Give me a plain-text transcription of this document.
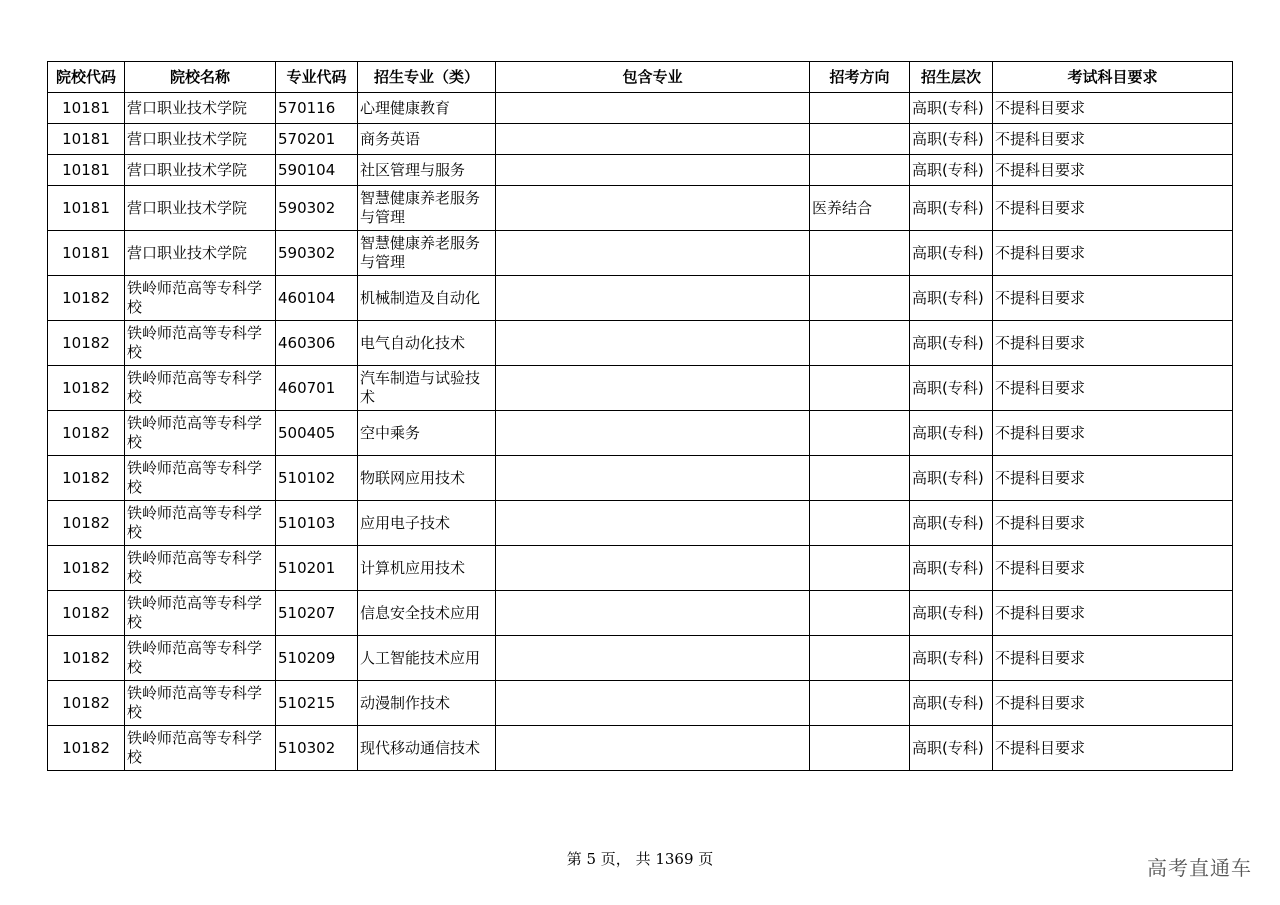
院校代码	院校名称	专业代码	招生专业（类）	包含专业	招考方向	招生层次	考试科目要求
10181	营口职业技术学院	570116	心理健康教育			高职(专科)	不提科目要求
10181	营口职业技术学院	570201	商务英语			高职(专科)	不提科目要求
10181	营口职业技术学院	590104	社区管理与服务			高职(专科)	不提科目要求
10181	营口职业技术学院	590302	智慧健康养老服务与管理		医养结合	高职(专科)	不提科目要求
10181	营口职业技术学院	590302	智慧健康养老服务与管理			高职(专科)	不提科目要求
10182	铁岭师范高等专科学校	460104	机械制造及自动化			高职(专科)	不提科目要求
10182	铁岭师范高等专科学校	460306	电气自动化技术			高职(专科)	不提科目要求
10182	铁岭师范高等专科学校	460701	汽车制造与试验技术			高职(专科)	不提科目要求
10182	铁岭师范高等专科学校	500405	空中乘务			高职(专科)	不提科目要求
10182	铁岭师范高等专科学校	510102	物联网应用技术			高职(专科)	不提科目要求
10182	铁岭师范高等专科学校	510103	应用电子技术			高职(专科)	不提科目要求
10182	铁岭师范高等专科学校	510201	计算机应用技术			高职(专科)	不提科目要求
10182	铁岭师范高等专科学校	510207	信息安全技术应用			高职(专科)	不提科目要求
10182	铁岭师范高等专科学校	510209	人工智能技术应用			高职(专科)	不提科目要求
10182	铁岭师范高等专科学校	510215	动漫制作技术			高职(专科)	不提科目要求
10182	铁岭师范高等专科学校	510302	现代移动通信技术			高职(专科)	不提科目要求
第 5 页， 共 1369 页	高考直通车
